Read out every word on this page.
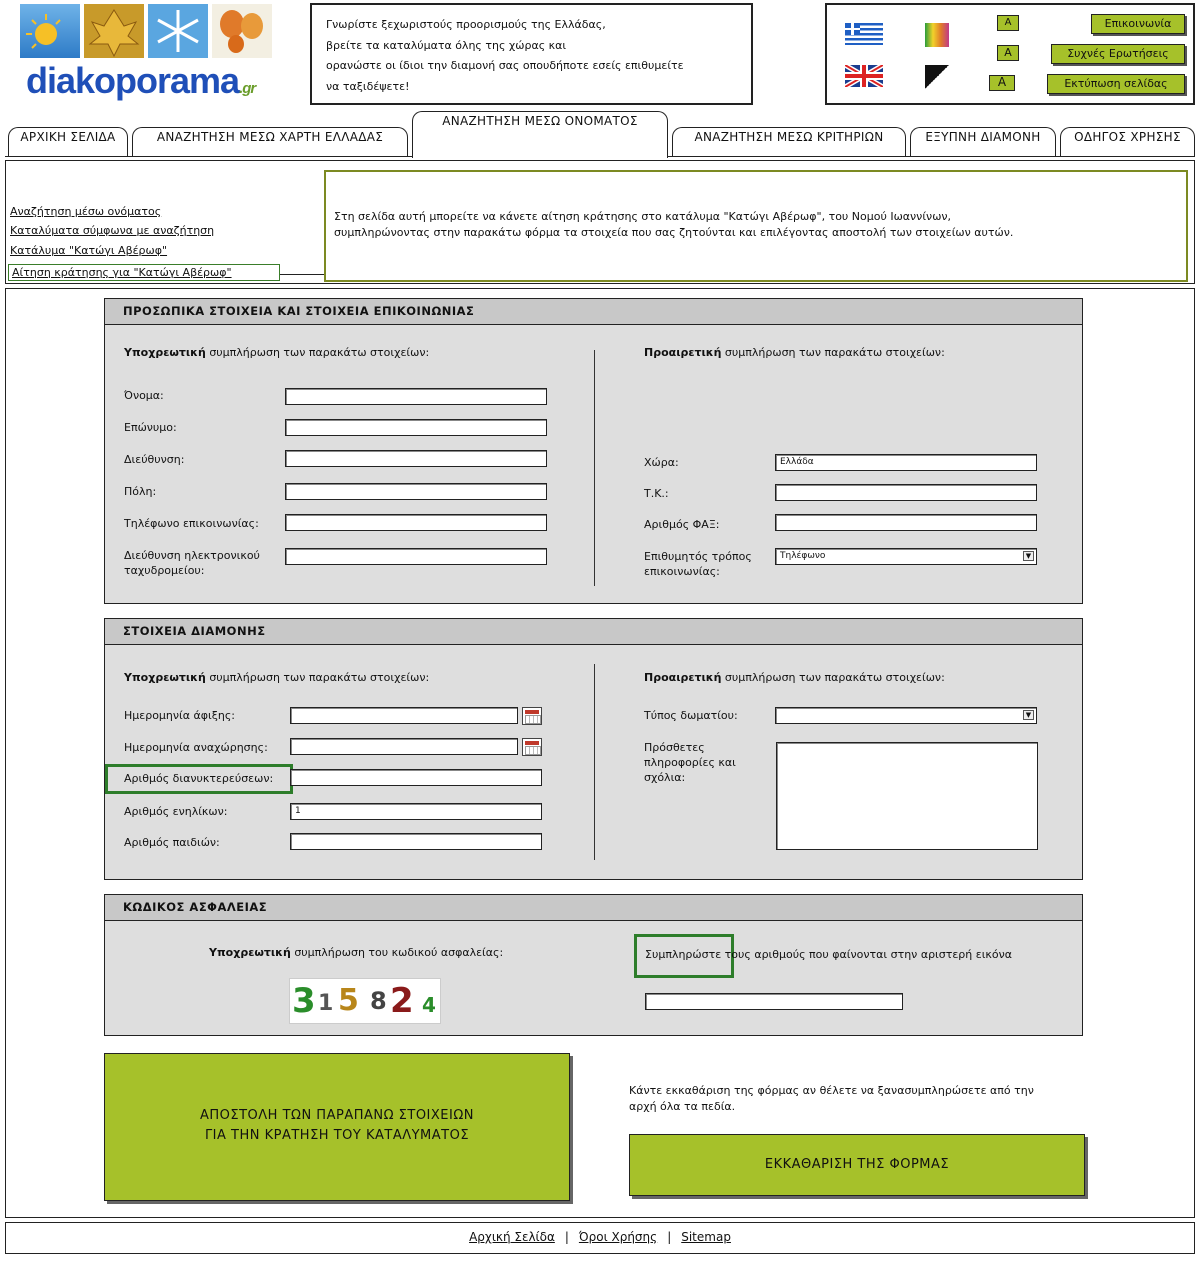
diakoporama.gr
Γνωρίστε ξεχωριστούς προορισμούς της Ελλάδας,
βρείτε τα καταλύματα όλης της χώρας και
ορανώστε οι ίδιοι την διαμονή σας οπουδήποτε εσείς επιθυμείτε
να ταξιδέψετε!
A
A
A
Επικοινωνία
Συχνές Ερωτήσεις
Εκτύπωση σελίδας
ΑΡΧΙΚΗ ΣΕΛΙΔΑ	ΑΝΑΖΗΤΗΣΗ ΜΕΣΩ ΧΑΡΤΗ ΕΛΛΑΔΑΣ
ΑΝΑΖΗΤΗΣΗ ΜΕΣΩ ΟΝΟΜΑΤΟΣ
ΑΝΑΖΗΤΗΣΗ ΜΕΣΩ ΚΡΙΤΗΡΙΩΝ	ΕΞΥΠΝΗ ΔΙΑΜΟΝΗ	ΟΔΗΓΟΣ ΧΡΗΣΗΣ
Αναζήτηση μέσω ονόματος
Καταλύματα σύμφωνα με αναζήτηση
Κατάλυμα "Κατώγι Αβέρωφ"
Αίτηση κράτησης για "Κατώγι Αβέρωφ"
Στη σελίδα αυτή μπορείτε να κάνετε αίτηση κράτησης στο κατάλυμα "Κατώγι Αβέρωφ", του Νομού Ιωαννίνων,
συμπληρώνοντας στην παρακάτω φόρμα τα στοιχεία που σας ζητούνται και επιλέγοντας αποστολή των στοιχείων αυτών.
ΠΡΟΣΩΠΙΚΑ ΣΤΟΙΧΕΙΑ ΚΑΙ ΣΤΟΙΧΕΙΑ ΕΠΙΚΟΙΝΩΝΙΑΣ
Υποχρεωτική συμπλήρωση των παρακάτω στοιχείων:	Προαιρετική συμπλήρωση των παρακάτω στοιχείων:
Όνομα:
Επώνυμο:
Διεύθυνση:
Πόλη:
Τηλέφωνο επικοινωνίας:
Διεύθυνση ηλεκτρονικού
ταχυδρομείου:
Χώρα:	Ελλάδα
Τ.Κ.:
Αριθμός ΦΑΞ:
Επιθυμητός τρόπος
επικοινωνίας:
Τηλέφωνο	▼
ΣΤΟΙΧΕΙΑ ΔΙΑΜΟΝΗΣ
Υποχρεωτική συμπλήρωση των παρακάτω στοιχείων:	Προαιρετική συμπλήρωση των παρακάτω στοιχείων:
Ημερομηνία άφιξης:
Ημερομηνία αναχώρησης:
Αριθμός διανυκτερεύσεων:
Αριθμός ενηλίκων:	1
Αριθμός παιδιών:
Τύπος δωματίου:	▼
Πρόσθετες
πληροφορίες και
σχόλια:
ΚΩΔΙΚΟΣ ΑΣΦΑΛΕΙΑΣ
Υποχρεωτική συμπλήρωση του κωδικού ασφαλείας:
3 1 5 8 2 4
Συμπληρώστε τους αριθμούς που φαίνονται στην αριστερή εικόνα
ΑΠΟΣΤΟΛΗ ΤΩΝ ΠΑΡΑΠΑΝΩ ΣΤΟΙΧΕΙΩΝ
ΓΙΑ ΤΗΝ ΚΡΑΤΗΣΗ ΤΟΥ ΚΑΤΑΛΥΜΑΤΟΣ
Κάντε εκκαθάριση της φόρμας αν θέλετε να ξανασυμπληρώσετε από την
αρχή όλα τα πεδία.
ΕΚΚΑΘΑΡΙΣΗ ΤΗΣ ΦΟΡΜΑΣ
Αρχική Σελίδα | Όροι Χρήσης | Sitemap
